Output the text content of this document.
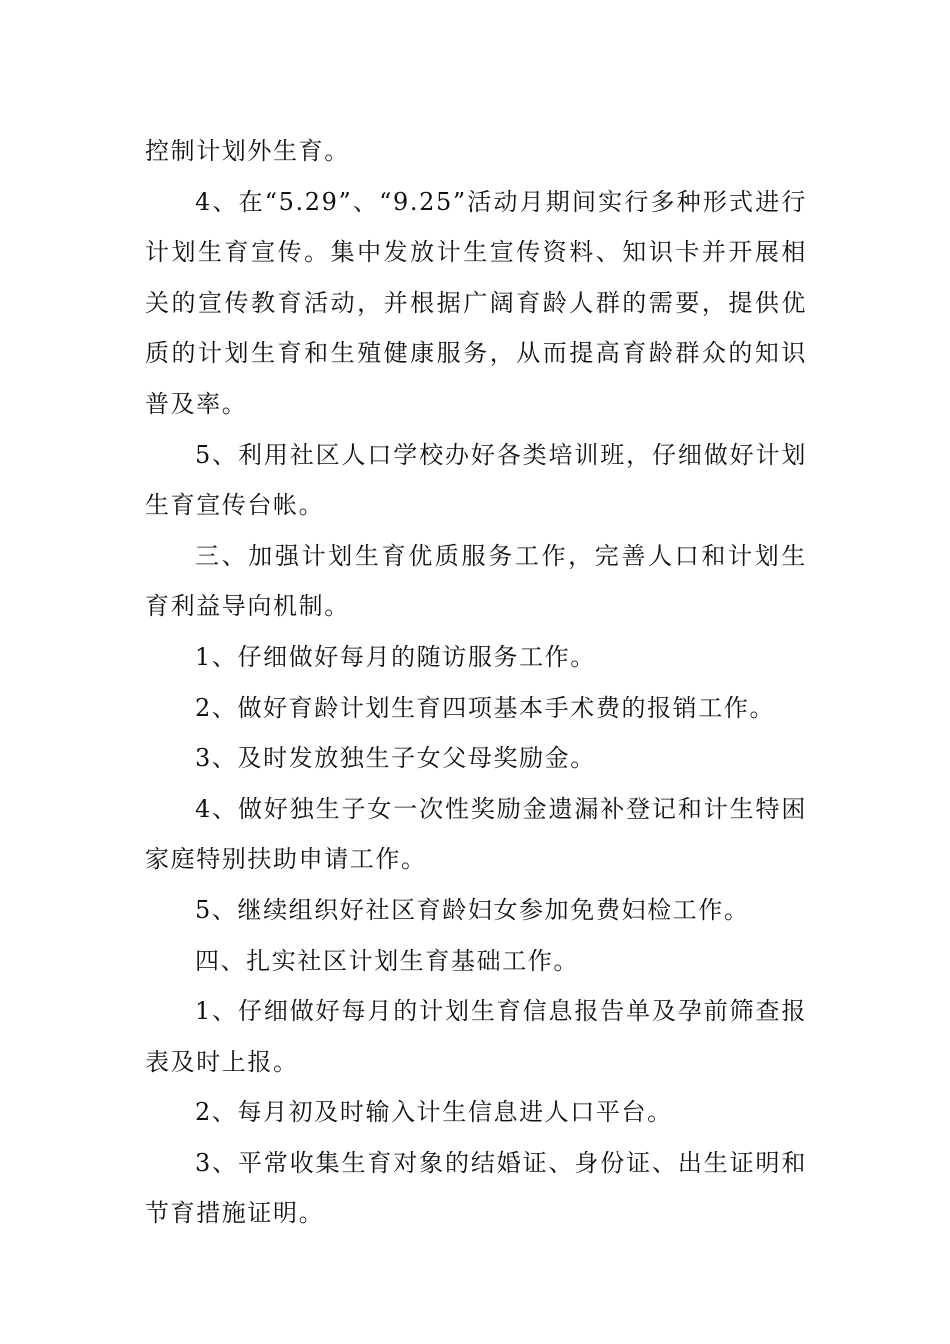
控制计划外生育。

4、在“5.29”、“9.25”活动月期间实行多种形式进行计划生育宣传。集中发放计生宣传资料、知识卡并开展相关的宣传教育活动，并根据广阔育龄人群的需要，提供优质的计划生育和生殖健康服务，从而提高育龄群众的知识普及率。

5、利用社区人口学校办好各类培训班，仔细做好计划生育宣传台帐。

三、加强计划生育优质服务工作，完善人口和计划生育利益导向机制。

1、仔细做好每月的随访服务工作。

2、做好育龄计划生育四项基本手术费的报销工作。

3、及时发放独生子女父母奖励金。

4、做好独生子女一次性奖励金遗漏补登记和计生特困家庭特别扶助申请工作。

5、继续组织好社区育龄妇女参加免费妇检工作。

四、扎实社区计划生育基础工作。

1、仔细做好每月的计划生育信息报告单及孕前筛查报表及时上报。

2、每月初及时输入计生信息进人口平台。

3、平常收集生育对象的结婚证、身份证、出生证明和节育措施证明。
